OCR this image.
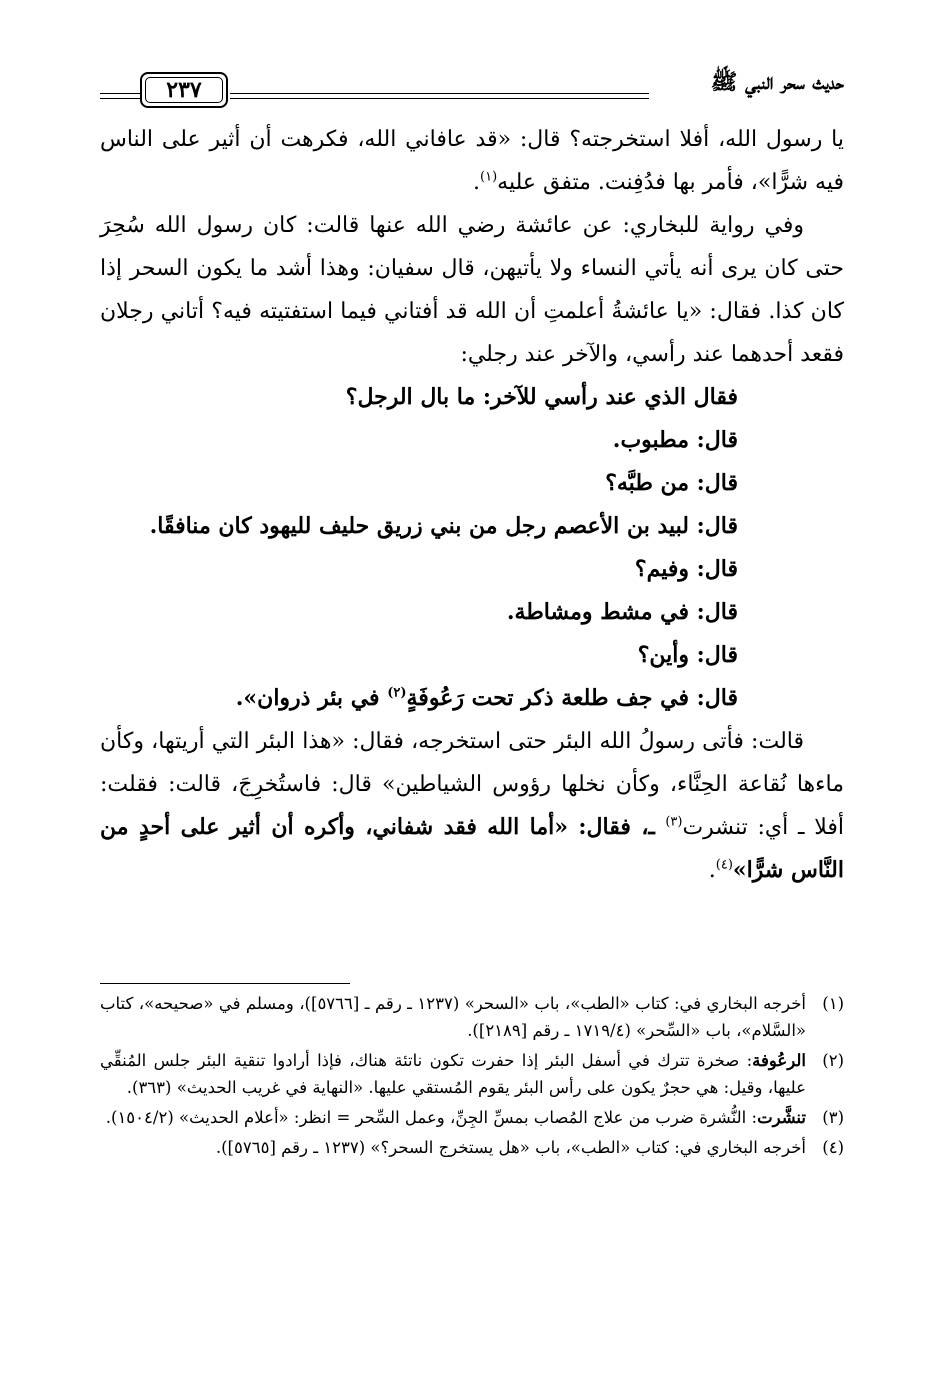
حديث سحر النبي ﷺ
٢٣٧

يا رسول الله، أفلا استخرجته؟ قال: «قد عافاني الله، فكرهت أن أثير على الناس فيه شرًّا»، فأمر بها فدُفِنت. متفق عليه$^{(١)}$.

وفي رواية للبخاري: عن عائشة رضي الله عنها قالت: كان رسول الله سُحِرَ حتى كان يرى أنه يأتي النساء ولا يأتيهن، قال سفيان: وهذا أشد ما يكون السحر إذا كان كذا. فقال: «يا عائشةُ أعلمتِ أن الله قد أفتاني فيما استفتيته فيه؟ أتاني رجلان فقعد أحدهما عند رأسي، والآخر عند رجلي:

فقال الذي عند رأسي للآخر: ما بال الرجل؟

قال: مطبوب.

قال: من طبَّه؟

قال: لبيد بن الأعصم رجل من بني زريق حليف لليهود كان منافقًا.

قال: وفيم؟

قال: في مشط ومشاطة.

قال: وأين؟

قال: في جف طلعة ذكر تحت رَعُوفَةٍ$^{(٢)}$ في بئر ذروان».

قالت: فأتى رسولُ الله البئر حتى استخرجه، فقال: «هذا البئر التي أريتها، وكأن ماءها نُقاعة الحِنَّاء، وكأن نخلها رؤوس الشياطين» قال: فاستُخرِجَ، قالت: فقلت: أفلا ـ أي: تنشرت$^{(٣)}$ ـ، فقال: «أما الله فقد شفاني، وأكره أن أثير على أحدٍ من النَّاس شرًّا»$^{(٤)}$.

(١)
أخرجه البخاري في: كتاب «الطب»، باب «السحر» (١٢٣٧ ـ رقم ـ [٥٧٦٦])، ومسلم في «صحيحه»، كتاب «السَّلام»، باب «السِّحر» (١٧١٩/٤ ـ رقم [٢١٨٩]).
(٢)
الرعُوفة: صخرة تترك في أسفل البئر إذا حفرت تكون ناتئة هناك، فإذا أرادوا تنقية البئر جلس المُنقِّي عليها، وقيل: هي حجرٌ يكون على رأس البئر يقوم المُستقي عليها. «النهاية في غريب الحديث» (٣٦٣).
(٣)
تنشَّرت: النُّشرة ضرب من علاج المُصاب بمسِّ الجِنِّ، وعمل السِّحر = انظر: «أعلام الحديث» (١٥٠٤/٢).
(٤)
أخرجه البخاري في: كتاب «الطب»، باب «هل يستخرج السحر؟» (١٢٣٧ ـ رقم [٥٧٦٥]).
